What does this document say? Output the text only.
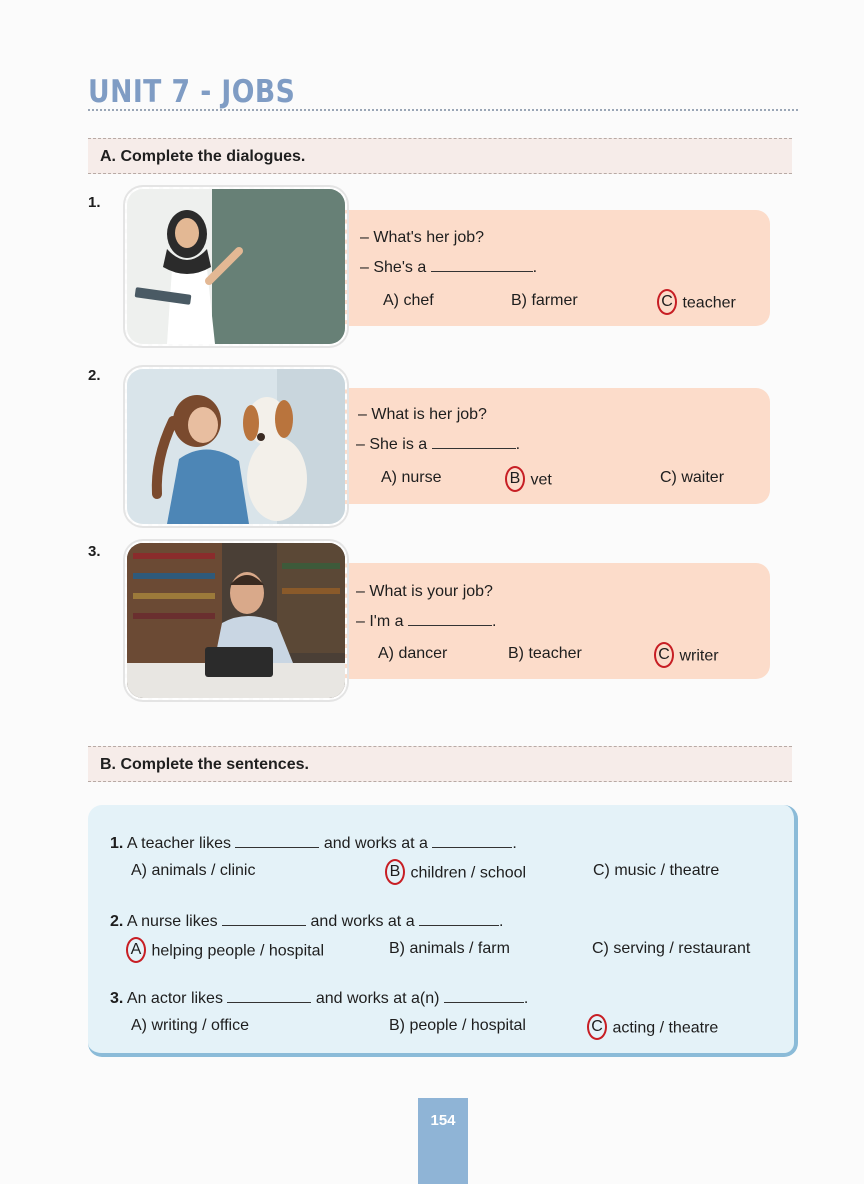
UNIT 7 - JOBS
A. Complete the dialogues.
1.
– What's her job?
– She's a	.
A) chef	B) farmer	C teacher
2.
– What is her job?
– She is a	.
A) nurse	B vet	C) waiter
3.
– What is your job?
– I'm a	.
A) dancer	B) teacher	C writer
B. Complete the sentences.
1. A teacher likes	and works at a	.
A) animals / clinic	B children / school	C) music / theatre
2. A nurse likes	and works at a	.
A helping people / hospital	B) animals / farm	C) serving / restaurant
3. An actor likes	and works at a(n)	.
A) writing / office	B) people / hospital	C acting / theatre
154
